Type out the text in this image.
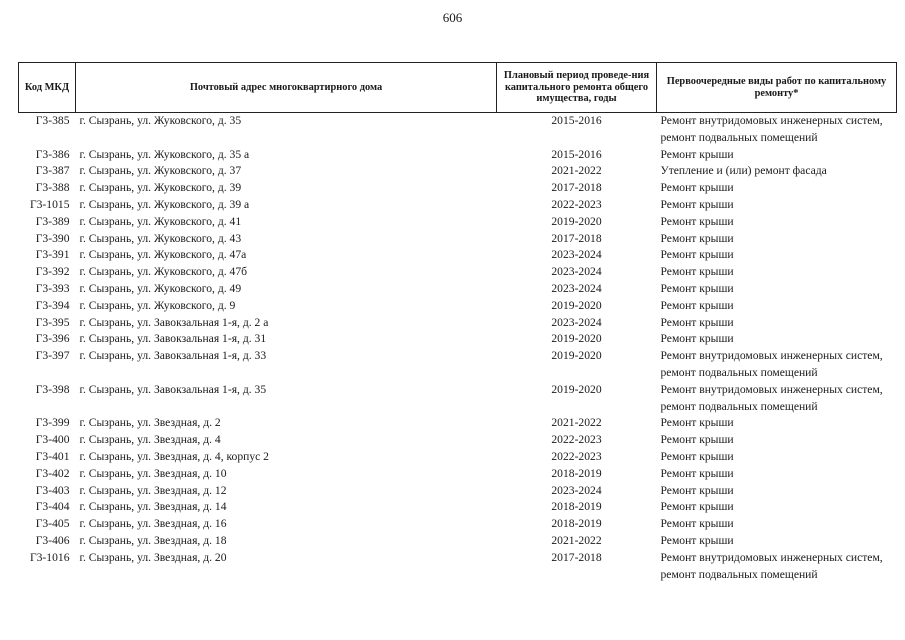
606
Код МКД	Почтовый адрес многоквартирного дома	Плановый период проведе-ния капитального ремонта общего имущества, годы	Первоочередные виды работ по капитальному ремонту*
Г3-385	г. Сызрань, ул. Жуковского, д. 35	2015-2016	Ремонт внутридомовых инженерных систем,
ремонт подвальных помещений

Г3-386	г. Сызрань, ул. Жуковского, д. 35 а	2015-2016	Ремонт крыши

Г3-387	г. Сызрань, ул. Жуковского, д. 37	2021-2022	Утепление и (или) ремонт фасада

Г3-388	г. Сызрань, ул. Жуковского, д. 39	2017-2018	Ремонт крыши

Г3-1015	г. Сызрань, ул. Жуковского, д. 39 а	2022-2023	Ремонт крыши

Г3-389	г. Сызрань, ул. Жуковского, д. 41	2019-2020	Ремонт крыши

Г3-390	г. Сызрань, ул. Жуковского, д. 43	2017-2018	Ремонт крыши

Г3-391	г. Сызрань, ул. Жуковского, д. 47а	2023-2024	Ремонт крыши

Г3-392	г. Сызрань, ул. Жуковского, д. 47б	2023-2024	Ремонт крыши

Г3-393	г. Сызрань, ул. Жуковского, д. 49	2023-2024	Ремонт крыши

Г3-394	г. Сызрань, ул. Жуковского, д. 9	2019-2020	Ремонт крыши

Г3-395	г. Сызрань, ул. Завокзальная 1-я, д. 2 а	2023-2024	Ремонт крыши

Г3-396	г. Сызрань, ул. Завокзальная 1-я, д. 31	2019-2020	Ремонт крыши

Г3-397	г. Сызрань, ул. Завокзальная 1-я, д. 33	2019-2020	Ремонт внутридомовых инженерных систем,
ремонт подвальных помещений

Г3-398	г. Сызрань, ул. Завокзальная 1-я, д. 35	2019-2020	Ремонт внутридомовых инженерных систем,
ремонт подвальных помещений

Г3-399	г. Сызрань, ул. Звездная, д. 2	2021-2022	Ремонт крыши

Г3-400	г. Сызрань, ул. Звездная, д. 4	2022-2023	Ремонт крыши

Г3-401	г. Сызрань, ул. Звездная, д. 4, корпус 2	2022-2023	Ремонт крыши

Г3-402	г. Сызрань, ул. Звездная, д. 10	2018-2019	Ремонт крыши

Г3-403	г. Сызрань, ул. Звездная, д. 12	2023-2024	Ремонт крыши

Г3-404	г. Сызрань, ул. Звездная, д. 14	2018-2019	Ремонт крыши

Г3-405	г. Сызрань, ул. Звездная, д. 16	2018-2019	Ремонт крыши

Г3-406	г. Сызрань, ул. Звездная, д. 18	2021-2022	Ремонт крыши

Г3-1016	г. Сызрань, ул. Звездная, д. 20	2017-2018	Ремонт внутридомовых инженерных систем,
ремонт подвальных помещений
